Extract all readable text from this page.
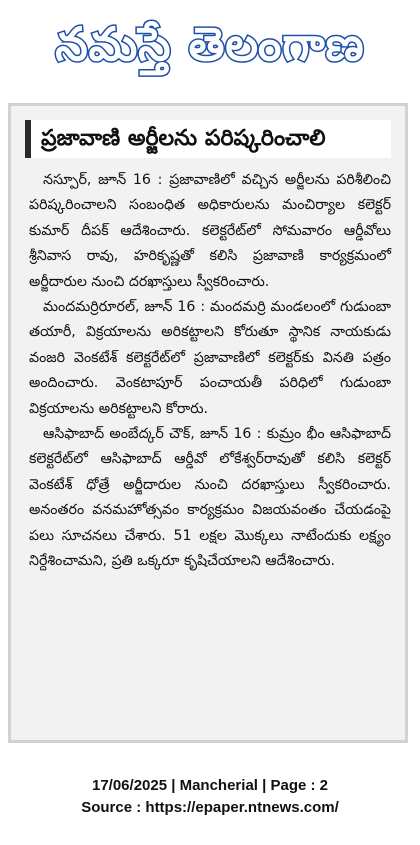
నమస్తే తెలంగాణ
ప్రజావాణి అర్జీలను పరిష్కరించాలి

నస్పూర్, జూన్ 16 : ప్రజావాణిలో వచ్చిన అర్జీలను పరిశీలించి పరిష్కరించాలని సంబంధిత అధికారులను మంచిర్యాల కలెక్టర్ కుమార్ దీపక్ ఆదేశించారు. కలెక్టరేట్‌లో సోమవారం ఆర్డీవోలు శ్రీనివాస రావు, హరికృష్ణతో కలిసి ప్రజావాణి కార్యక్రమంలో అర్జీదారుల నుంచి దరఖాస్తులు స్వీకరించారు.

మందమర్రిరూరల్, జూన్ 16 : మందమర్రి మండలంలో గుడుంబా తయారీ, విక్రయాలను అరికట్టాలని కోరుతూ స్థానిక నాయకుడు వంజరి వెంకటేశ్ కలెక్టరేట్‌లో ప్రజావాణిలో కలెక్టర్‌కు వినతి పత్రం అందించారు. వెంకటాపూర్ పంచాయతీ పరిధిలో గుడుంబా విక్రయాలను అరికట్టాలని కోరారు.

ఆసిఫాబాద్ అంబేద్కర్ చౌక్, జూన్ 16 : కుమ్రం భీం ఆసిఫాబాద్ కలెక్టరేట్‌లో ఆసిఫాబాద్ ఆర్డీవో లోకేశ్వర్‌రావుతో కలిసి కలెక్టర్ వెంకటేశ్ ధోత్రే అర్జీదారుల నుంచి దరఖాస్తులు స్వీకరించారు. అనంతరం వనమహోత్సవం కార్యక్రమం విజయవంతం చేయడంపై పలు సూచనలు చేశారు. 51 లక్షల మొక్కలు నాటేందుకు లక్ష్యం నిర్దేశించామని, ప్రతి ఒక్కరూ కృషిచేయాలని ఆదేశించారు.

17/06/2025 | Mancherial | Page : 2
Source : https://epaper.ntnews.com/
